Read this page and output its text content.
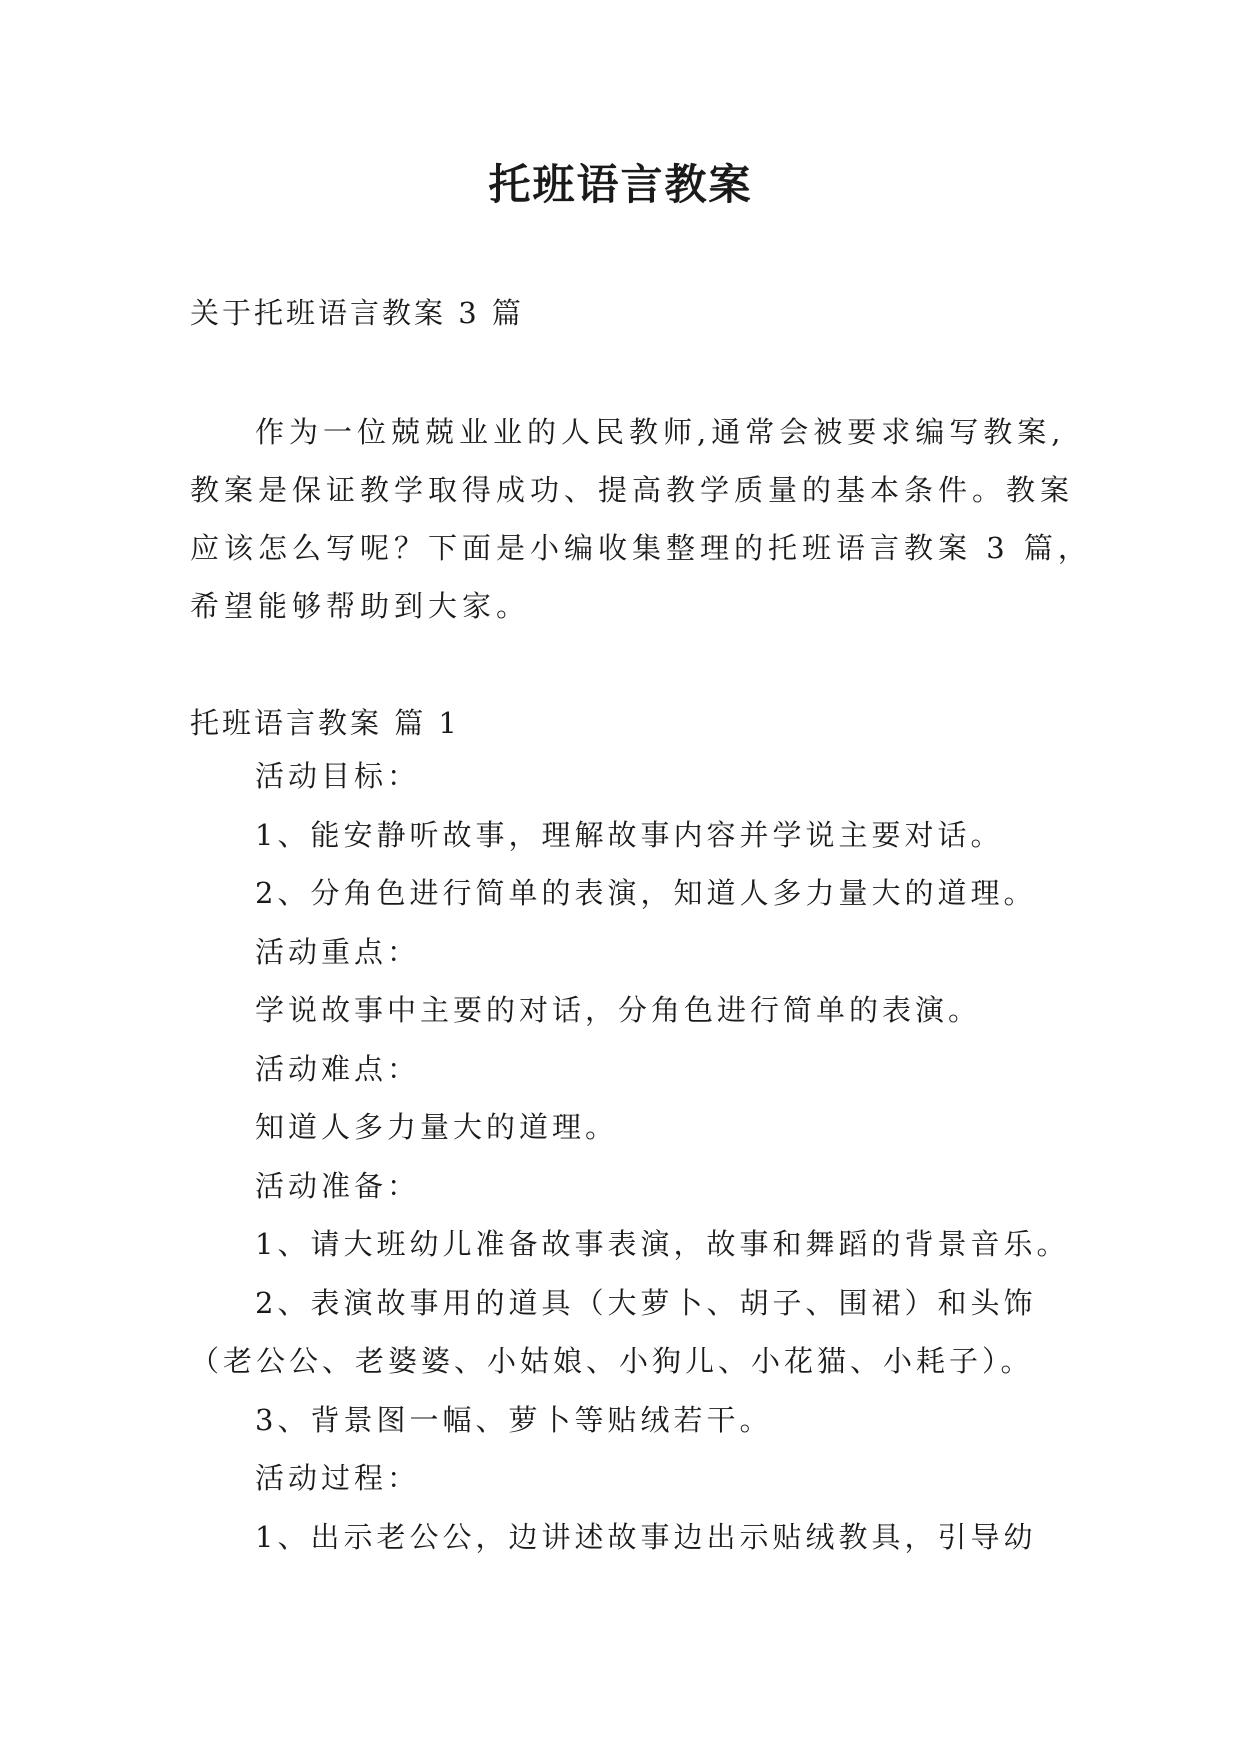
托班语言教案
关于托班语言教案 3 篇
作为一位兢兢业业的人民教师,通常会被要求编写教案,
教案是保证教学取得成功、提高教学质量的基本条件。教案
应该怎么写呢？下面是小编收集整理的托班语言教案 3 篇，
希望能够帮助到大家。
托班语言教案 篇 1
活动目标：
1、能安静听故事，理解故事内容并学说主要对话。
2、分角色进行简单的表演，知道人多力量大的道理。
活动重点：
学说故事中主要的对话，分角色进行简单的表演。
活动难点：
知道人多力量大的道理。
活动准备：
1、请大班幼儿准备故事表演，故事和舞蹈的背景音乐。
2、表演故事用的道具（大萝卜、胡子、围裙）和头饰
（老公公、老婆婆、小姑娘、小狗儿、小花猫、小耗子）。
3、背景图一幅、萝卜等贴绒若干。
活动过程：
1、出示老公公，边讲述故事边出示贴绒教具，引导幼
